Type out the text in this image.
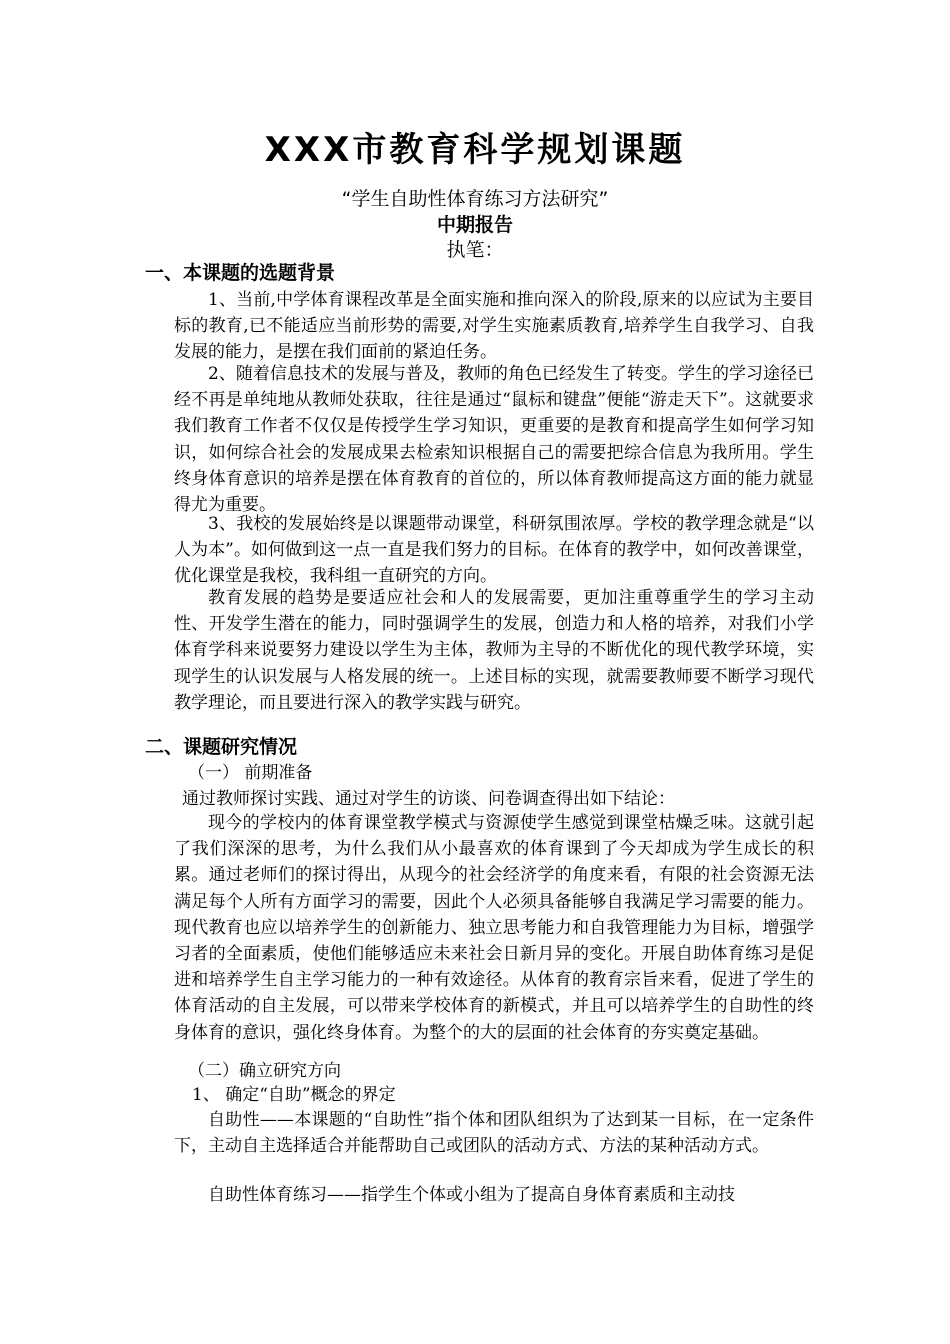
XXX市教育科学规划课题
“学生自助性体育练习方法研究”
中期报告
执笔：
一、本课题的选题背景
1、当前,中学体育课程改革是全面实施和推向深入的阶段,原来的以应试为主要目标的教育,已不能适应当前形势的需要,对学生实施素质教育,培养学生自我学习、自我发展的能力，是摆在我们面前的紧迫任务。
2、随着信息技术的发展与普及，教师的角色已经发生了转变。学生的学习途径已经不再是单纯地从教师处获取，往往是通过“鼠标和键盘”便能“游走天下”。这就要求我们教育工作者不仅仅是传授学生学习知识，更重要的是教育和提高学生如何学习知识，如何综合社会的发展成果去检索知识根据自己的需要把综合信息为我所用。学生终身体育意识的培养是摆在体育教育的首位的，所以体育教师提高这方面的能力就显得尤为重要。
3、我校的发展始终是以课题带动课堂，科研氛围浓厚。学校的教学理念就是“以人为本”。如何做到这一点一直是我们努力的目标。在体育的教学中，如何改善课堂，优化课堂是我校，我科组一直研究的方向。
教育发展的趋势是要适应社会和人的发展需要，更加注重尊重学生的学习主动性、开发学生潜在的能力，同时强调学生的发展，创造力和人格的培养，对我们小学体育学科来说要努力建设以学生为主体，教师为主导的不断优化的现代教学环境，实现学生的认识发展与人格发展的统一。上述目标的实现，就需要教师要不断学习现代教学理论，而且要进行深入的教学实践与研究。
二、课题研究情况
（一） 前期准备
通过教师探讨实践、通过对学生的访谈、问卷调查得出如下结论：
现今的学校内的体育课堂教学模式与资源使学生感觉到课堂枯燥乏味。这就引起了我们深深的思考，为什么我们从小最喜欢的体育课到了今天却成为学生成长的积累。通过老师们的探讨得出，从现今的社会经济学的角度来看，有限的社会资源无法满足每个人所有方面学习的需要，因此个人必须具备能够自我满足学习需要的能力。现代教育也应以培养学生的创新能力、独立思考能力和自我管理能力为目标，增强学习者的全面素质，使他们能够适应未来社会日新月异的变化。开展自助体育练习是促进和培养学生自主学习能力的一种有效途径。从体育的教育宗旨来看，促进了学生的体育活动的自主发展，可以带来学校体育的新模式，并且可以培养学生的自助性的终身体育的意识，强化终身体育。为整个的大的层面的社会体育的夯实奠定基础。
（二）确立研究方向
1、 确定“自助”概念的界定
自助性——本课题的“自助性”指个体和团队组织为了达到某一目标，在一定条件下，主动自主选择适合并能帮助自己或团队的活动方式、方法的某种活动方式。
自助性体育练习——指学生个体或小组为了提高自身体育素质和主动技
